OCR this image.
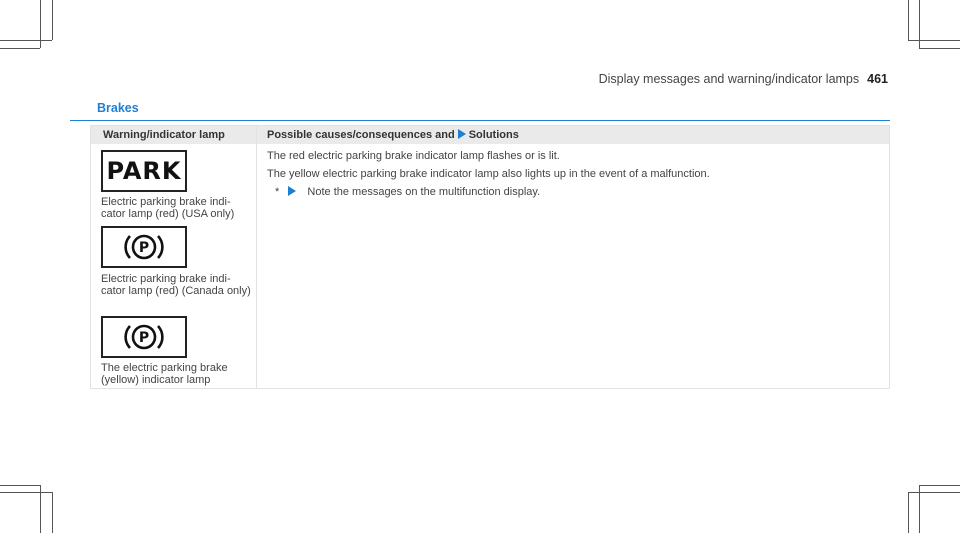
Display messages and warning/indicator lamps 461
Brakes
Warning/indicator lamp	Possible causes/consequences and Solutions
PARK
Electric parking brake indi- cator lamp (red) (USA only)
P
Electric parking brake indi- cator lamp (red) (Canada only)
P
The electric parking brake (yellow) indicator lamp
The red electric parking brake indicator lamp flashes or is lit.
The yellow electric parking brake indicator lamp also lights up in the event of a malfunction.
*	Note the messages on the multifunction display.
